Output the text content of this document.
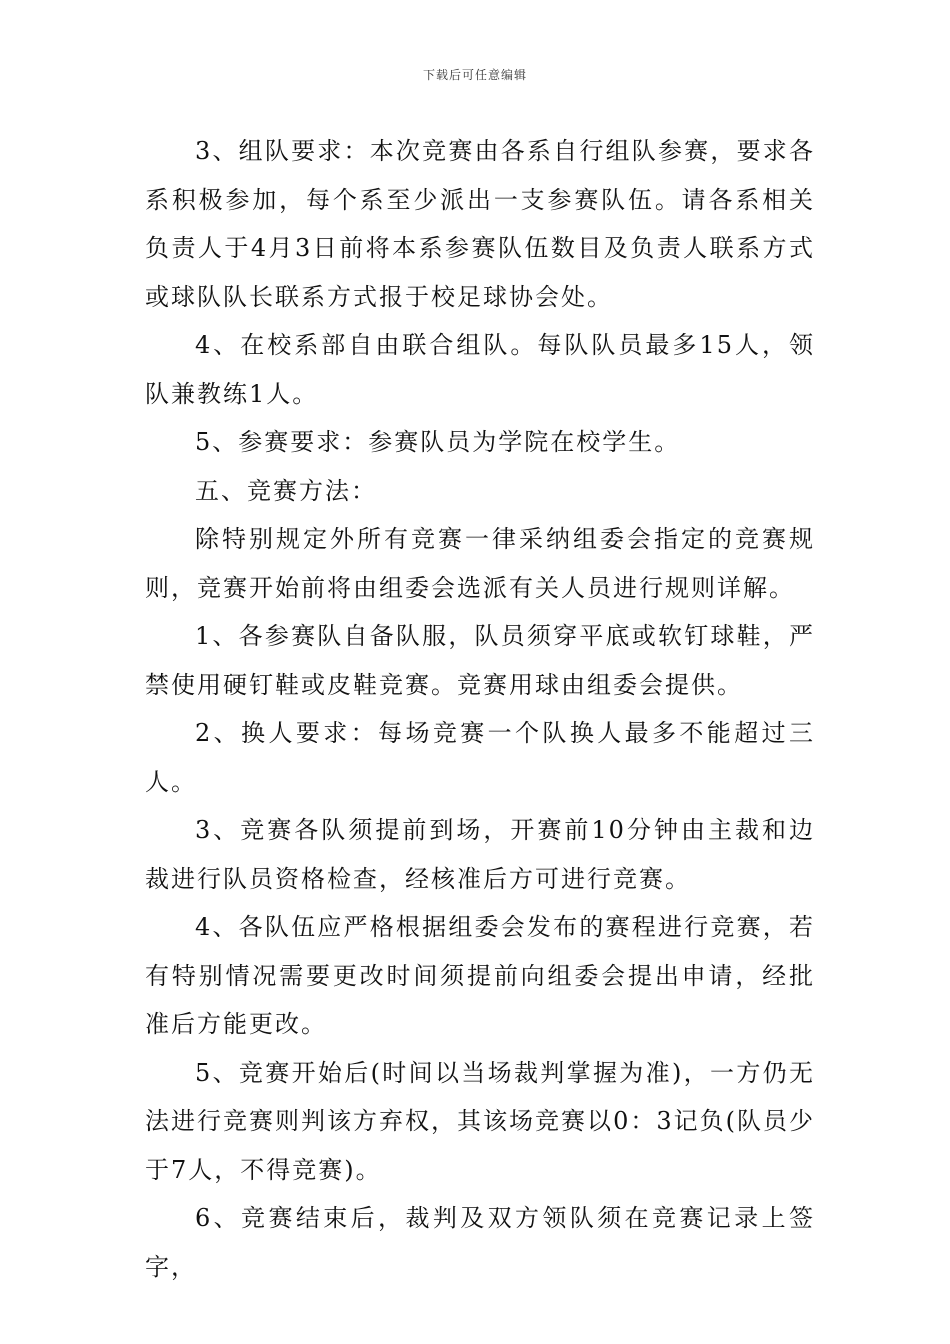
下载后可任意编辑

3、组队要求：本次竞赛由各系自行组队参赛，要求各系积极参加，每个系至少派出一支参赛队伍。请各系相关负责人于4月3日前将本系参赛队伍数目及负责人联系方式或球队队长联系方式报于校足球协会处。

4、在校系部自由联合组队。每队队员最多15人，领队兼教练1人。

5、参赛要求：参赛队员为学院在校学生。

五、竞赛方法：

除特别规定外所有竞赛一律采纳组委会指定的竞赛规则，竞赛开始前将由组委会选派有关人员进行规则详解。

1、各参赛队自备队服，队员须穿平底或软钉球鞋，严禁使用硬钉鞋或皮鞋竞赛。竞赛用球由组委会提供。

2、换人要求：每场竞赛一个队换人最多不能超过三人。

3、竞赛各队须提前到场，开赛前10分钟由主裁和边裁进行队员资格检查，经核准后方可进行竞赛。

4、各队伍应严格根据组委会发布的赛程进行竞赛，若有特别情况需要更改时间须提前向组委会提出申请，经批准后方能更改。

5、竞赛开始后(时间以当场裁判掌握为准)，一方仍无法进行竞赛则判该方弃权，其该场竞赛以0：3记负(队员少于7人，不得竞赛)。

6、竞赛结束后，裁判及双方领队须在竞赛记录上签字，
